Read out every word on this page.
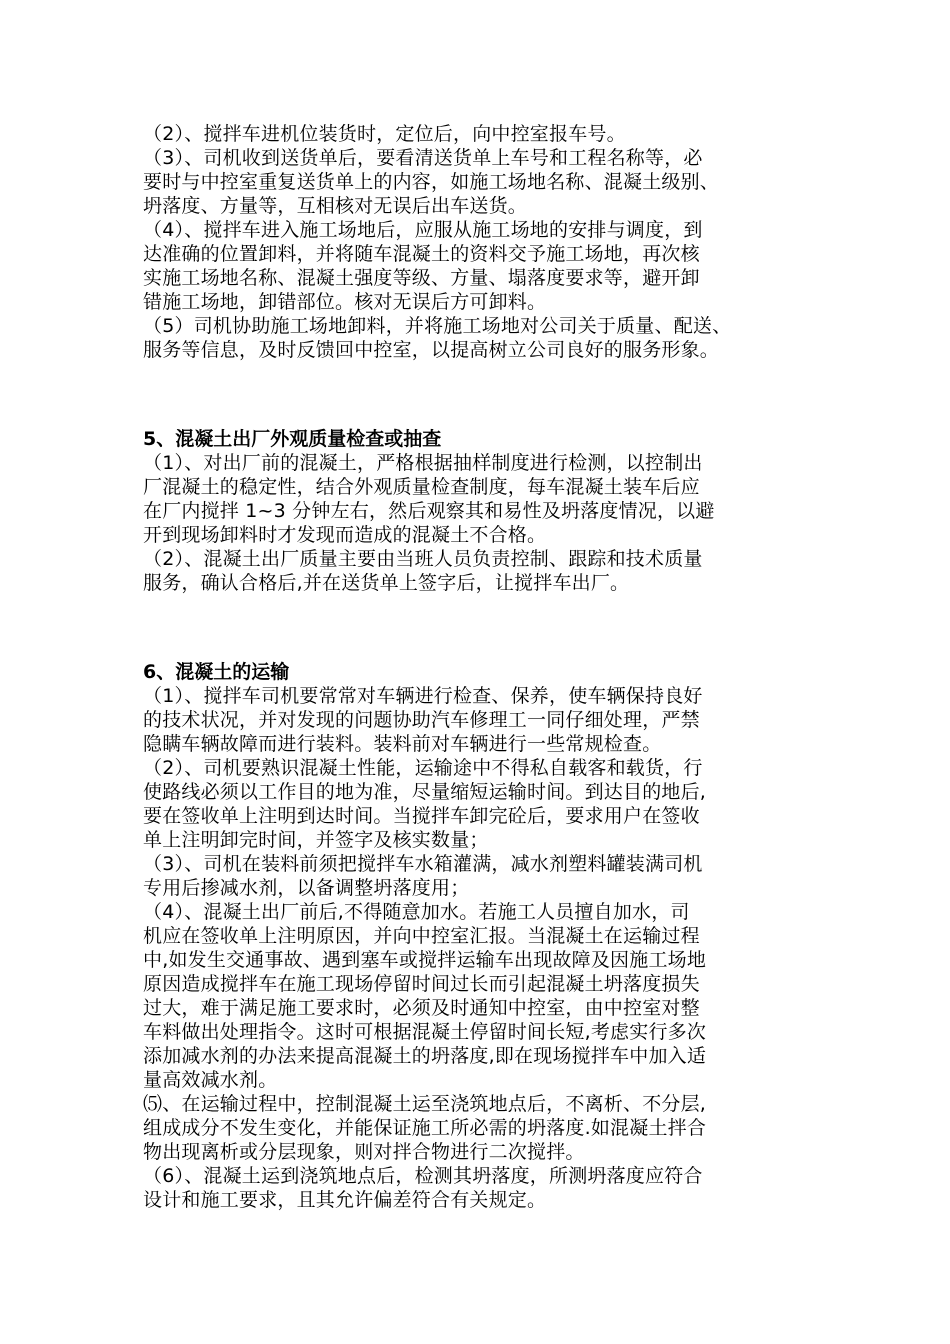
（2）、搅拌车进机位装货时，定位后，向中控室报车号。
（3）、司机收到送货单后，要看清送货单上车号和工程名称等，必
要时与中控室重复送货单上的内容，如施工场地名称、混凝土级别、
坍落度、方量等，互相核对无误后出车送货。
（4）、搅拌车进入施工场地后，应服从施工场地的安排与调度，到
达准确的位置卸料，并将随车混凝土的资料交予施工场地，再次核
实施工场地名称、混凝土强度等级、方量、塌落度要求等，避开卸
错施工场地，卸错部位。核对无误后方可卸料。
（5）司机协助施工场地卸料，并将施工场地对公司关于质量、配送、
服务等信息，及时反馈回中控室，以提高树立公司良好的服务形象。
5、混凝土出厂外观质量检查或抽查
（1）、对出厂前的混凝土，严格根据抽样制度进行检测，以控制出
厂混凝土的稳定性，结合外观质量检查制度，每车混凝土装车后应
在厂内搅拌 1~3 分钟左右，然后观察其和易性及坍落度情况，以避
开到现场卸料时才发现而造成的混凝土不合格。
（2）、混凝土出厂质量主要由当班人员负责控制、跟踪和技术质量
服务，确认合格后,并在送货单上签字后，让搅拌车出厂。
6、混凝土的运输
（1）、搅拌车司机要常常对车辆进行检查、保养，使车辆保持良好
的技术状况，并对发现的问题协助汽车修理工一同仔细处理，严禁
隐瞒车辆故障而进行装料。装料前对车辆进行一些常规检查。
（2）、司机要熟识混凝土性能，运输途中不得私自载客和载货，行
使路线必须以工作目的地为准，尽量缩短运输时间。到达目的地后,
要在签收单上注明到达时间。当搅拌车卸完砼后，要求用户在签收
单上注明卸完时间，并签字及核实数量；
（3）、司机在装料前须把搅拌车水箱灌满，减水剂塑料罐装满司机
专用后掺减水剂，以备调整坍落度用；
（4）、混凝土出厂前后,不得随意加水。若施工人员擅自加水，司
机应在签收单上注明原因，并向中控室汇报。当混凝土在运输过程
中,如发生交通事故、遇到塞车或搅拌运输车出现故障及因施工场地
原因造成搅拌车在施工现场停留时间过长而引起混凝土坍落度损失
过大，难于满足施工要求时，必须及时通知中控室，由中控室对整
车料做出处理指令。这时可根据混凝土停留时间长短,考虑实行多次
添加减水剂的办法来提高混凝土的坍落度,即在现场搅拌车中加入适
量高效减水剂。
⑸、在运输过程中，控制混凝土运至浇筑地点后，不离析、不分层,
组成成分不发生变化，并能保证施工所必需的坍落度.如混凝土拌合
物出现离析或分层现象，则对拌合物进行二次搅拌。
（6）、混凝土运到浇筑地点后，检测其坍落度，所测坍落度应符合
设计和施工要求，且其允许偏差符合有关规定。
